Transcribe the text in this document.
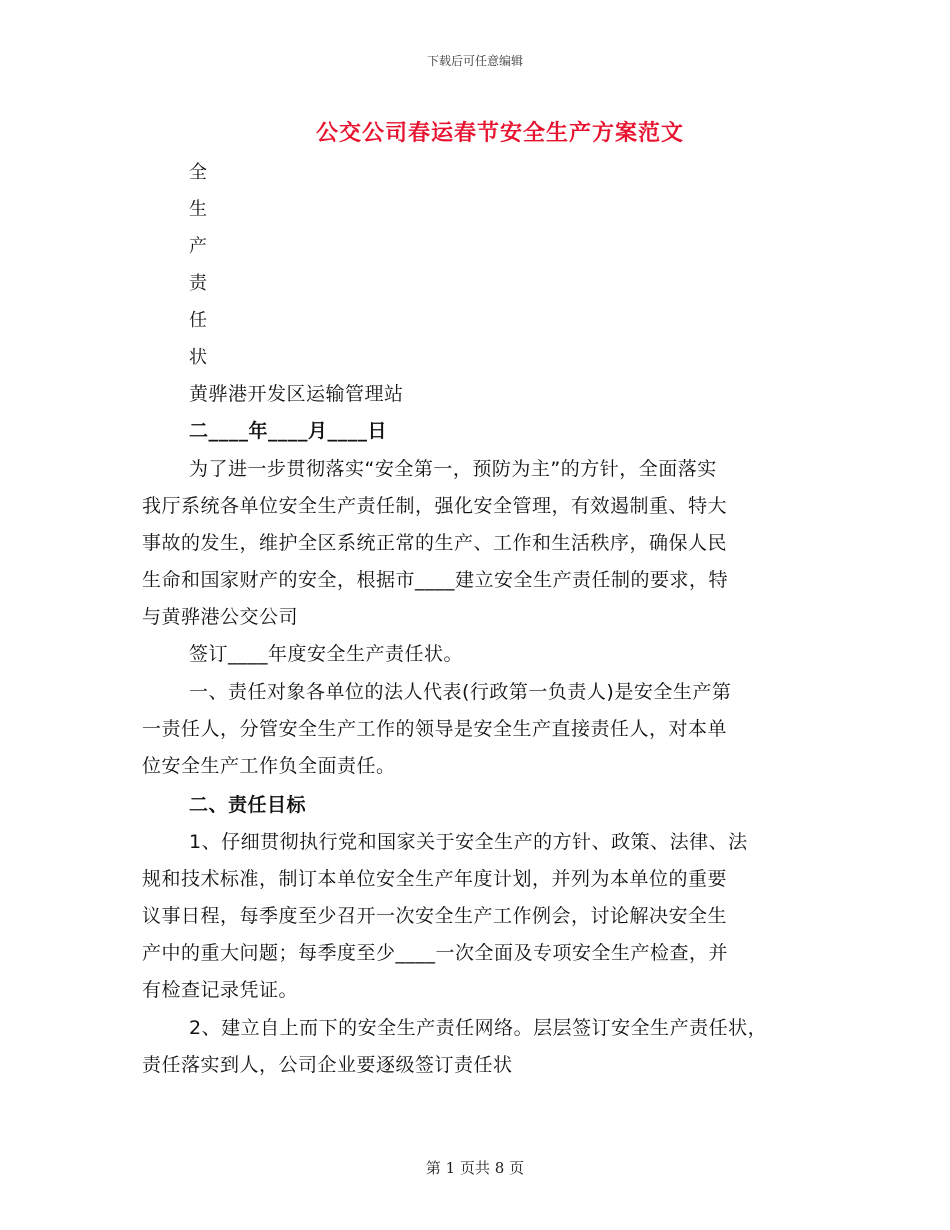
下载后可任意编辑
公交公司春运春节安全生产方案范文
全
生
产
责
任
状
黄骅港开发区运输管理站
二____年____月____日
为了进一步贯彻落实“安全第一，预防为主”的方针，全面落实
我厅系统各单位安全生产责任制，强化安全管理，有效遏制重、特大
事故的发生，维护全区系统正常的生产、工作和生活秩序，确保人民
生命和国家财产的安全，根据市____建立安全生产责任制的要求，特
与黄骅港公交公司
签订____年度安全生产责任状。
一、责任对象各单位的法人代表(行政第一负责人)是安全生产第
一责任人，分管安全生产工作的领导是安全生产直接责任人，对本单
位安全生产工作负全面责任。
二、责任目标
1、仔细贯彻执行党和国家关于安全生产的方针、政策、法律、法
规和技术标准，制订本单位安全生产年度计划，并列为本单位的重要
议事日程，每季度至少召开一次安全生产工作例会，讨论解决安全生
产中的重大问题；每季度至少____一次全面及专项安全生产检查，并
有检查记录凭证。
2、建立自上而下的安全生产责任网络。层层签订安全生产责任状，
责任落实到人，公司企业要逐级签订责任状
第 1 页共 8 页
